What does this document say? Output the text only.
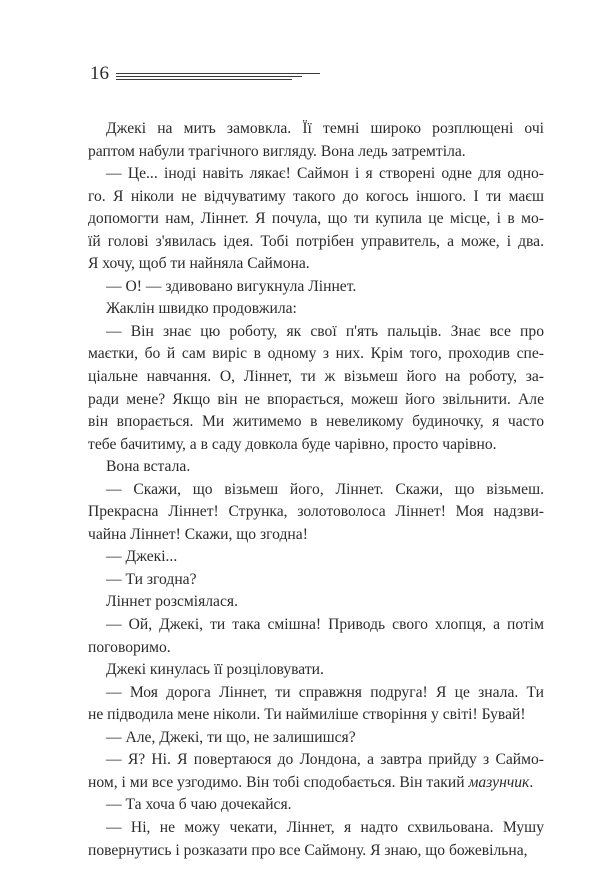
16
Джекі на мить замовкла. Її темні широко розплющені очі
раптом набули трагічного вигляду. Вона ледь затремтіла.
— Це... іноді навіть лякає! Саймон і я створені одне для одно-
го. Я ніколи не відчуватиму такого до когось іншого. І ти маєш
допомогти нам, Ліннет. Я почула, що ти купила це місце, і в мо-
їй голові з'явилась ідея. Тобі потрібен управитель, а може, і два.
Я хочу, щоб ти найняла Саймона.
— О! — здивовано вигукнула Ліннет.
Жаклін швидко продовжила:
— Він знає цю роботу, як свої п'ять пальців. Знає все про
маєтки, бо й сам виріс в одному з них. Крім того, проходив спе-
ціальне навчання. О, Ліннет, ти ж візьмеш його на роботу, за-
ради мене? Якщо він не впорається, можеш його звільнити. Але
він впорається. Ми житимемо в невеликому будиночку, я часто
тебе бачитиму, а в саду довкола буде чарівно, просто чарівно.
Вона встала.
— Скажи, що візьмеш його, Ліннет. Скажи, що візьмеш.
Прекрасна Ліннет! Струнка, золотоволоса Ліннет! Моя надзви-
чайна Ліннет! Скажи, що згодна!
— Джекі...
— Ти згодна?
Ліннет розсміялася.
— Ой, Джекі, ти така смішна! Приводь свого хлопця, а потім
поговоримо.
Джекі кинулась її розцiловувати.
— Моя дорога Ліннет, ти справжня подруга! Я це знала. Ти
не підводила мене ніколи. Ти наймиліше створіння у світі! Бувай!
— Але, Джекі, ти що, не залишишся?
— Я? Ні. Я повертаюся до Лондона, а завтра прийду з Саймо-
ном, і ми все узгодимо. Він тобі сподобається. Він такий мазунчик.
— Та хоча б чаю дочекайся.
— Ні, не можу чекати, Ліннет, я надто схвильована. Мушу
повернутись і розказати про все Саймону. Я знаю, що божевільна,
